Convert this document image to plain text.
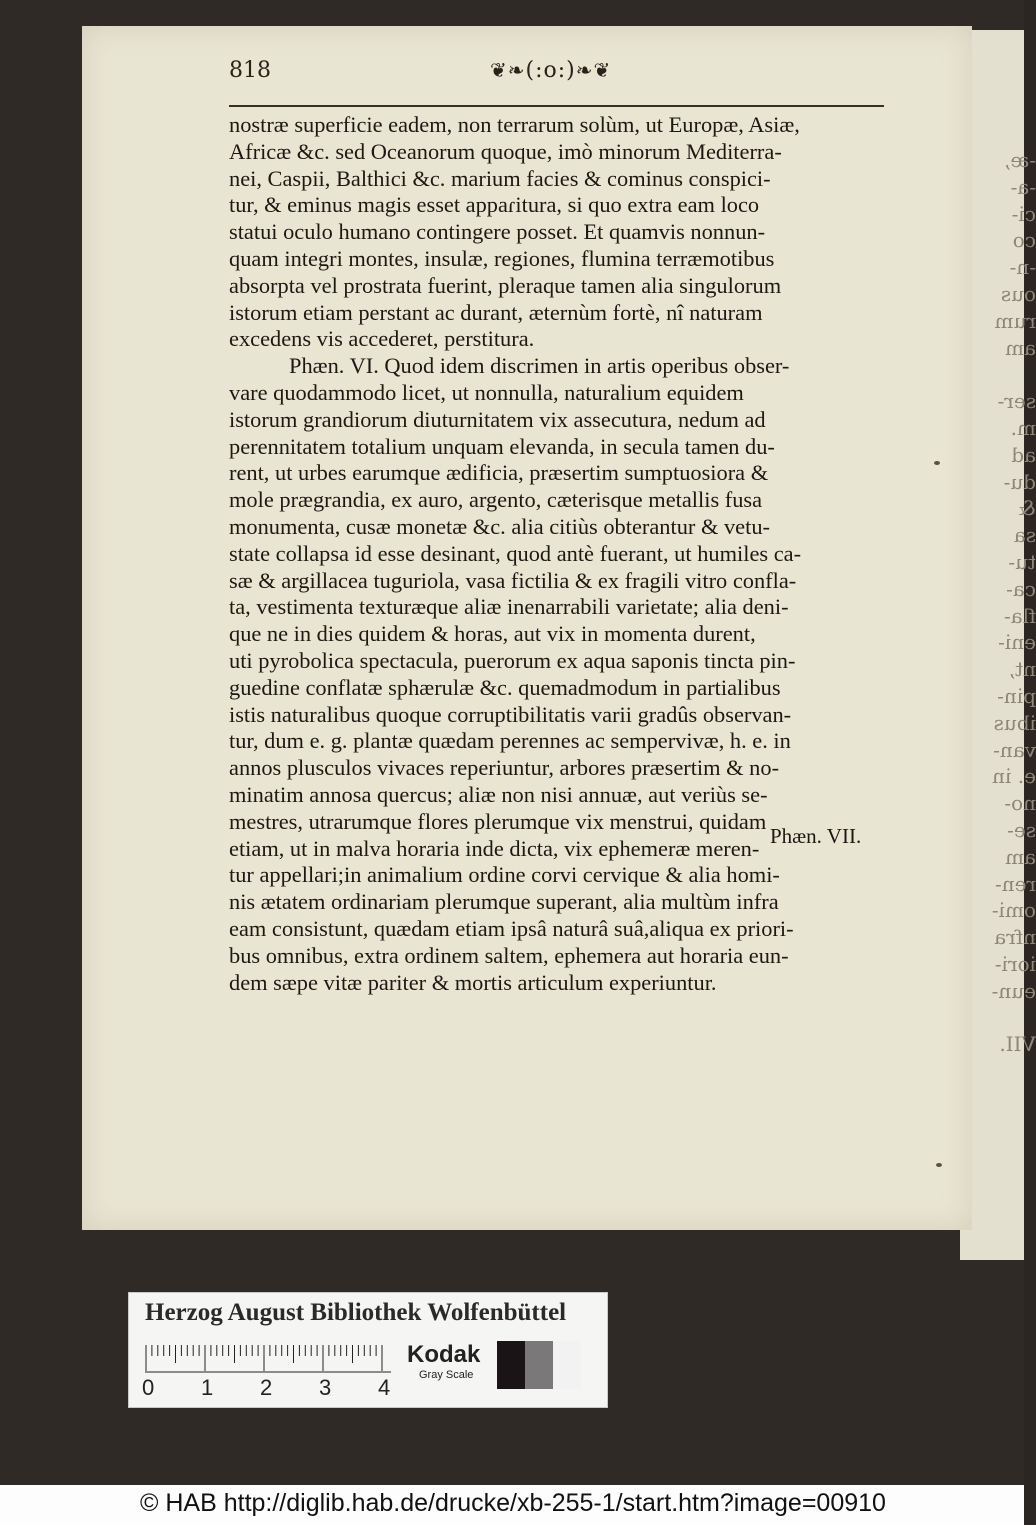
-æ,
-a-
ci-
co
-n-
ous
rum
am
ser-
m.
ad
du-
&
sa
tu-
ca-
fla-
eni-
nt,
pin-
ibus
van-
e. in
no-
se-
am
ren-
omi-
nfra
iori-
eun-
VII.
818	❦❧(:o:)❧❦
nostræ superficie eadem, non terrarum solùm, ut Europæ, Asiæ,
Africæ &c. sed Oceanorum quoque, imò minorum Mediterra-
nei, Caspii, Balthici &c. marium facies & cominus conspici-
tur, & eminus magis esset appaɾitura, si quo extra eam loco
statui oculo humano contingere posset. Et quamvis nonnun-
quam integri montes, insulæ, regiones, flumina terræmotibus
absorpta vel prostrata fuerint, pleraque tamen alia singulorum
istorum etiam perstant ac durant, æternùm fortè, nî naturam
excedens vis accederet, perstitura.
Phæn. VI. Quod idem discrimen in artis operibus obser-
vare quodammodo licet, ut nonnulla, naturalium equidem
istorum grandiorum diuturnitatem vix assecutura, nedum ad
perennitatem totalium unquam elevanda, in secula tamen du-
rent, ut urbes earumque ædificia, præsertim sumptuosiora &
mole prægrandia, ex auro, argento, cæterisque metallis fusa
monumenta, cusæ monetæ &c. alia citiùs obterantur & vetu-
state collapsa id esse desinant, quod antè fuerant, ut humiles ca-
sæ & argillacea tuguriola, vasa fictilia & ex fragili vitro confla-
ta, vestimenta texturæque aliæ inenarrabili varietate; alia deni-
que ne in dies quidem & horas, aut vix in momenta durent,
uti pyrobolica spectacula, puerorum ex aqua saponis tincta pin-
guedine conflatæ sphærulæ &c. quemadmodum in partialibus
istis naturalibus quoque corruptibilitatis varii gradûs observan-
tur, dum e. g. plantæ quædam perennes ac sempervivæ, h. e. in
annos plusculos vivaces reperiuntur, arbores præsertim & no-
minatim annosa quercus; aliæ non nisi annuæ, aut veriùs se-
mestres, utrarumque flores plerumque vix menstrui, quidam
etiam, ut in malva horaria inde dicta, vix ephemeræ meren-
tur appellari;in animalium ordine corvi cervique & alia homi-
nis ætatem ordinariam plerumque superant, alia multùm infra
eam consistunt, quædam etiam ipsâ naturâ suâ,aliqua ex priori-
bus omnibus, extra ordinem saltem, ephemera aut horaria eun-
dem sæpe vitæ pariter & mortis articulum experiuntur.
Phæn. VII.
Herzog August Bibliothek Wolfenbüttel
0 1 2 3 4
Kodak
Gray Scale
© HAB http://diglib.hab.de/drucke/xb-255-1/start.htm?image=00910
